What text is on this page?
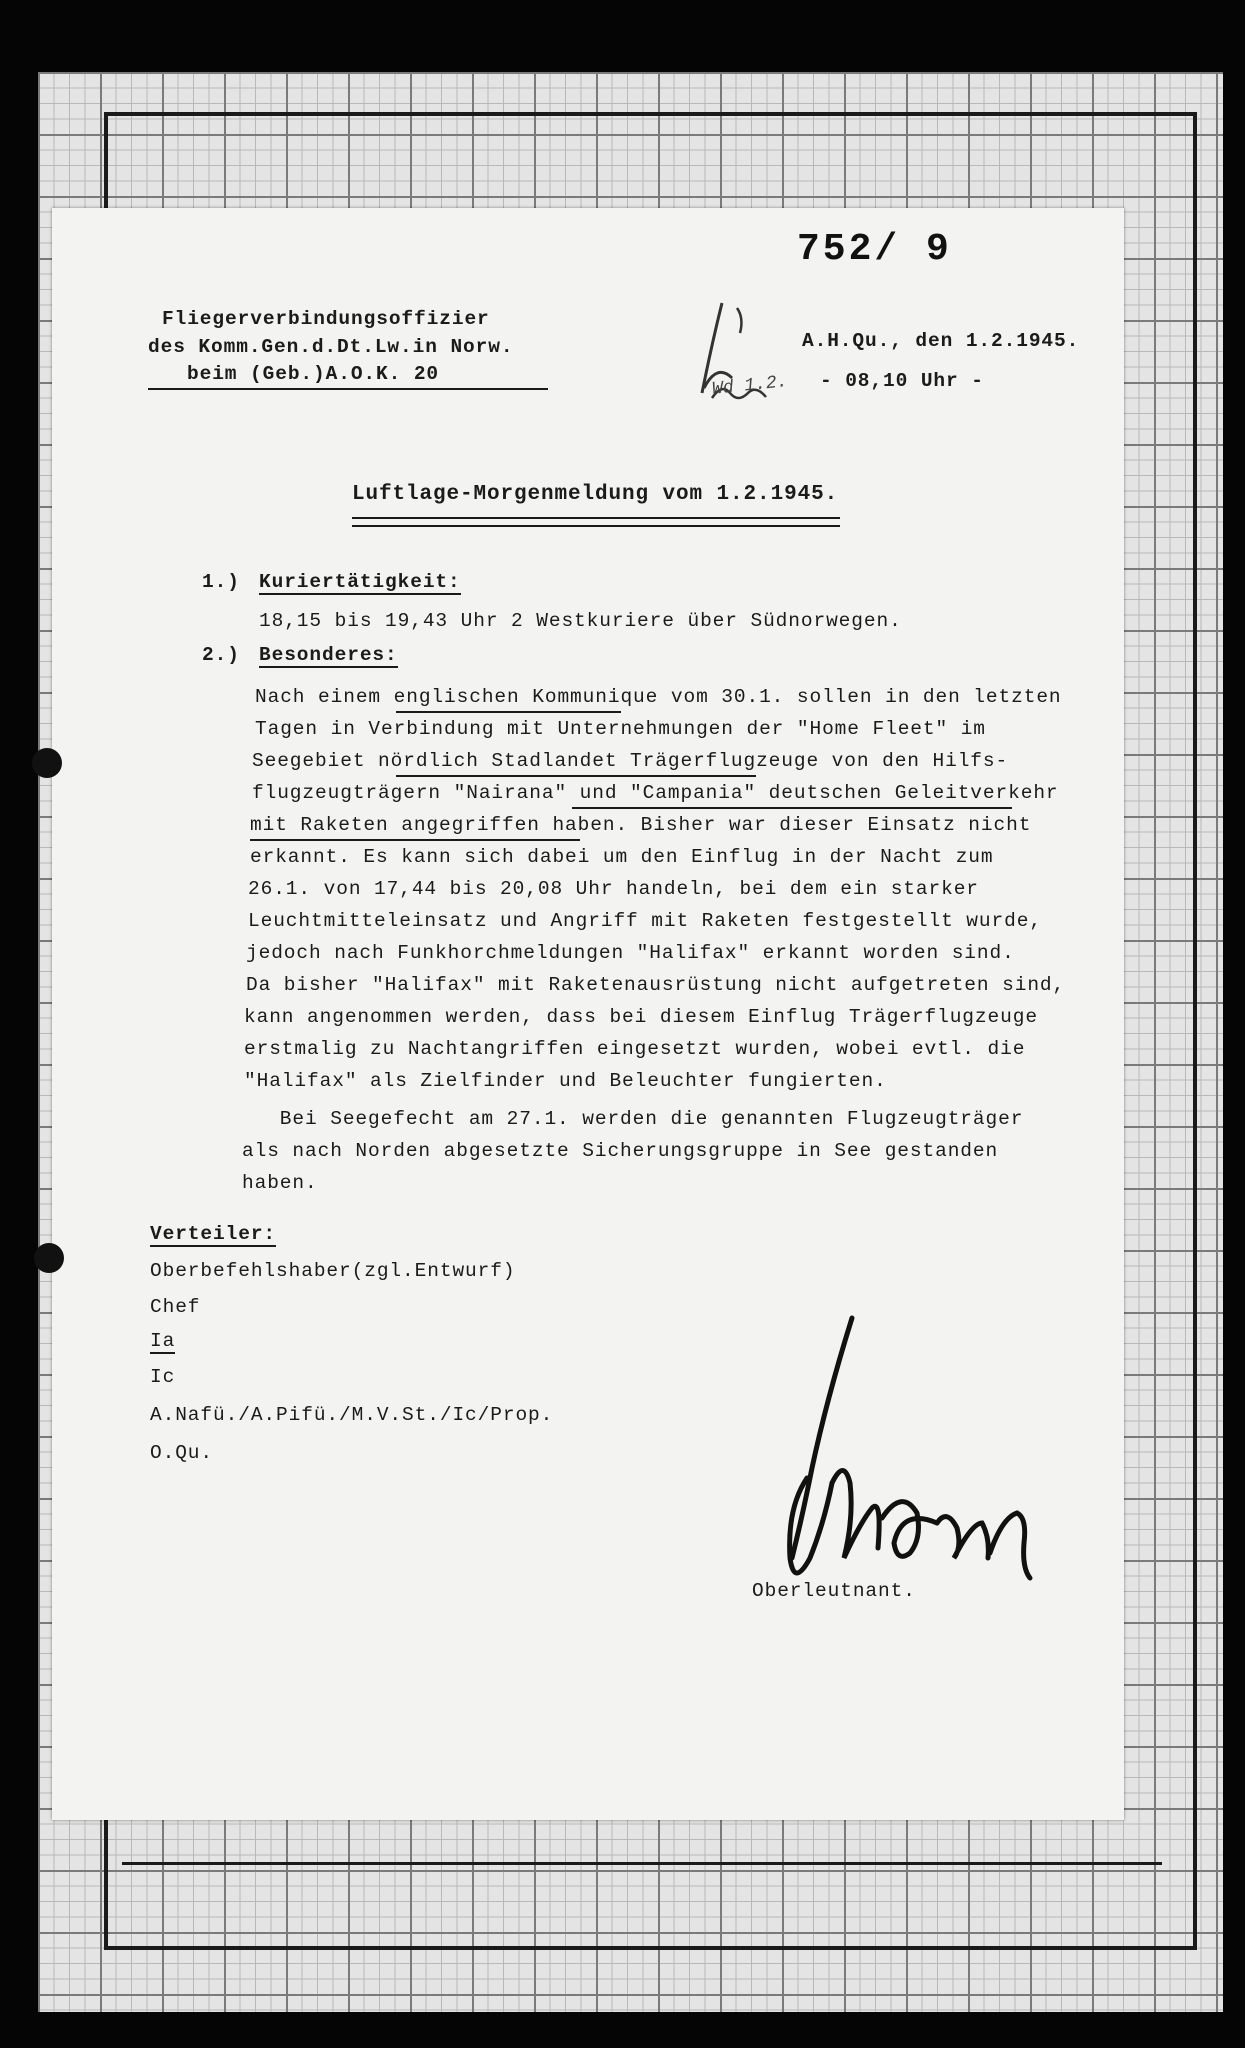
752/ 9
Wd 1.2.
Fliegerverbindungsoffizier
des Komm.Gen.d.Dt.Lw.in Norw.
beim (Geb.)A.O.K. 20
A.H.Qu., den 1.2.1945.
- 08,10 Uhr -
Luftlage-Morgenmeldung vom 1.2.1945.
1.) Kuriertätigkeit:
18,15 bis 19,43 Uhr 2 Westkuriere über Südnorwegen.
2.) Besonderes:
Nach einem englischen Kommunique vom 30.1. sollen in den letzten
Tagen in Verbindung mit Unternehmungen der "Home Fleet" im
Seegebiet nördlich Stadlandet Trägerflugzeuge von den Hilfs-
flugzeugträgern "Nairana" und "Campania" deutschen Geleitverkehr
mit Raketen angegriffen haben. Bisher war dieser Einsatz nicht
erkannt. Es kann sich dabei um den Einflug in der Nacht zum
26.1. von 17,44 bis 20,08 Uhr handeln, bei dem ein starker
Leuchtmitteleinsatz und Angriff mit Raketen festgestellt wurde,
jedoch nach Funkhorchmeldungen "Halifax" erkannt worden sind.
Da bisher "Halifax" mit Raketenausrüstung nicht aufgetreten sind,
kann angenommen werden, dass bei diesem Einflug Trägerflugzeuge
erstmalig zu Nachtangriffen eingesetzt wurden, wobei evtl. die
"Halifax" als Zielfinder und Beleuchter fungierten.
Bei Seegefecht am 27.1. werden die genannten Flugzeugträger
als nach Norden abgesetzte Sicherungsgruppe in See gestanden
haben.
Verteiler:
Oberbefehlshaber(zgl.Entwurf)
Chef
Ia
Ic
A.Nafü./A.Pifü./M.V.St./Ic/Prop.
O.Qu.
Oberleutnant.
